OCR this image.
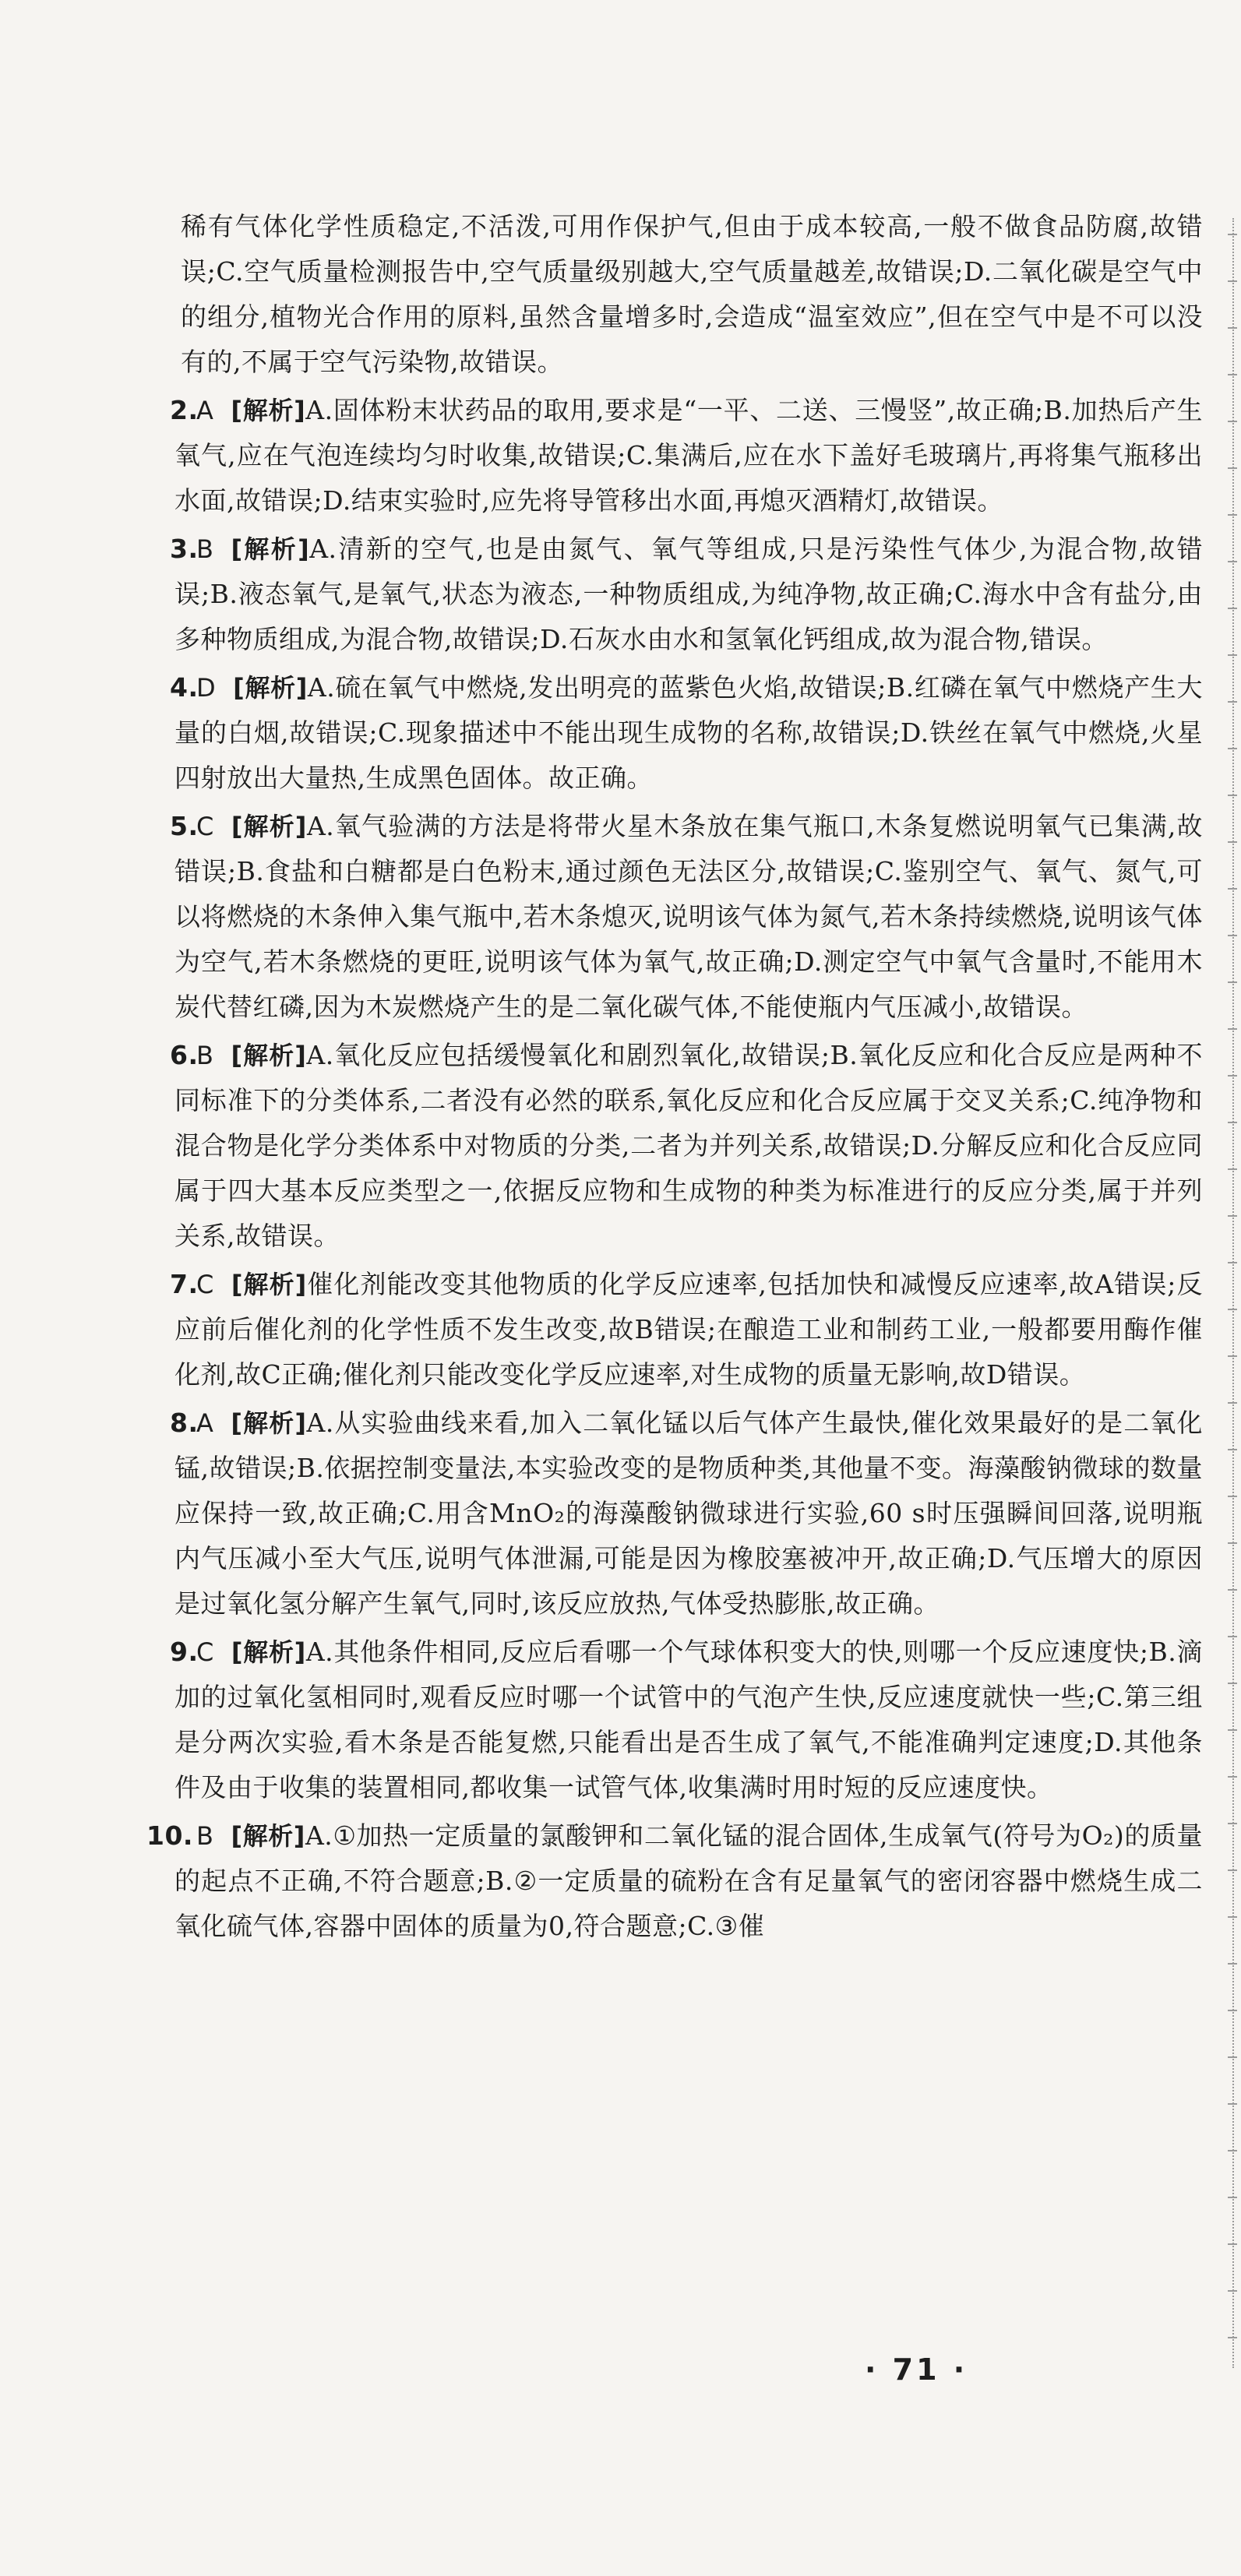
稀有气体化学性质稳定,不活泼,可用作保护气,但由于成本较高,一般不做食品防腐,故错误;C.空气质量检测报告中,空气质量级别越大,空气质量越差,故错误;D.二氧化碳是空气中的组分,植物光合作用的原料,虽然含量增多时,会造成“温室效应”,但在空气中是不可以没有的,不属于空气污染物,故错误。
2.
A [解析]A.固体粉末状药品的取用,要求是“一平、二送、三慢竖”,故正确;B.加热后产生氧气,应在气泡连续均匀时收集,故错误;C.集满后,应在水下盖好毛玻璃片,再将集气瓶移出水面,故错误;D.结束实验时,应先将导管移出水面,再熄灭酒精灯,故错误。
3.
B [解析]A.清新的空气,也是由氮气、氧气等组成,只是污染性气体少,为混合物,故错误;B.液态氧气,是氧气,状态为液态,一种物质组成,为纯净物,故正确;C.海水中含有盐分,由多种物质组成,为混合物,故错误;D.石灰水由水和氢氧化钙组成,故为混合物,错误。
4.
D [解析]A.硫在氧气中燃烧,发出明亮的蓝紫色火焰,故错误;B.红磷在氧气中燃烧产生大量的白烟,故错误;C.现象描述中不能出现生成物的名称,故错误;D.铁丝在氧气中燃烧,火星四射放出大量热,生成黑色固体。故正确。
5.
C [解析]A.氧气验满的方法是将带火星木条放在集气瓶口,木条复燃说明氧气已集满,故错误;B.食盐和白糖都是白色粉末,通过颜色无法区分,故错误;C.鉴别空气、氧气、氮气,可以将燃烧的木条伸入集气瓶中,若木条熄灭,说明该气体为氮气,若木条持续燃烧,说明该气体为空气,若木条燃烧的更旺,说明该气体为氧气,故正确;D.测定空气中氧气含量时,不能用木炭代替红磷,因为木炭燃烧产生的是二氧化碳气体,不能使瓶内气压减小,故错误。
6.
B [解析]A.氧化反应包括缓慢氧化和剧烈氧化,故错误;B.氧化反应和化合反应是两种不同标准下的分类体系,二者没有必然的联系,氧化反应和化合反应属于交叉关系;C.纯净物和混合物是化学分类体系中对物质的分类,二者为并列关系,故错误;D.分解反应和化合反应同属于四大基本反应类型之一,依据反应物和生成物的种类为标准进行的反应分类,属于并列关系,故错误。
7.
C [解析]催化剂能改变其他物质的化学反应速率,包括加快和减慢反应速率,故A错误;反应前后催化剂的化学性质不发生改变,故B错误;在酿造工业和制药工业,一般都要用酶作催化剂,故C正确;催化剂只能改变化学反应速率,对生成物的质量无影响,故D错误。
8.
A [解析]A.从实验曲线来看,加入二氧化锰以后气体产生最快,催化效果最好的是二氧化锰,故错误;B.依据控制变量法,本实验改变的是物质种类,其他量不变。海藻酸钠微球的数量应保持一致,故正确;C.用含MnO₂的海藻酸钠微球进行实验,60 s时压强瞬间回落,说明瓶内气压减小至大气压,说明气体泄漏,可能是因为橡胶塞被冲开,故正确;D.气压增大的原因是过氧化氢分解产生氧气,同时,该反应放热,气体受热膨胀,故正确。
9.
C [解析]A.其他条件相同,反应后看哪一个气球体积变大的快,则哪一个反应速度快;B.滴加的过氧化氢相同时,观看反应时哪一个试管中的气泡产生快,反应速度就快一些;C.第三组是分两次实验,看木条是否能复燃,只能看出是否生成了氧气,不能准确判定速度;D.其他条件及由于收集的装置相同,都收集一试管气体,收集满时用时短的反应速度快。
10. B [解析]A.①加热一定质量的氯酸钾和二氧化锰的混合固体,生成氧气(符号为O₂)的质量的起点不正确,不符合题意;B.②一定质量的硫粉在含有足量氧气的密闭容器中燃烧生成二氧化硫气体,容器中固体的质量为0,符合题意;C.③催
· 71 ·
